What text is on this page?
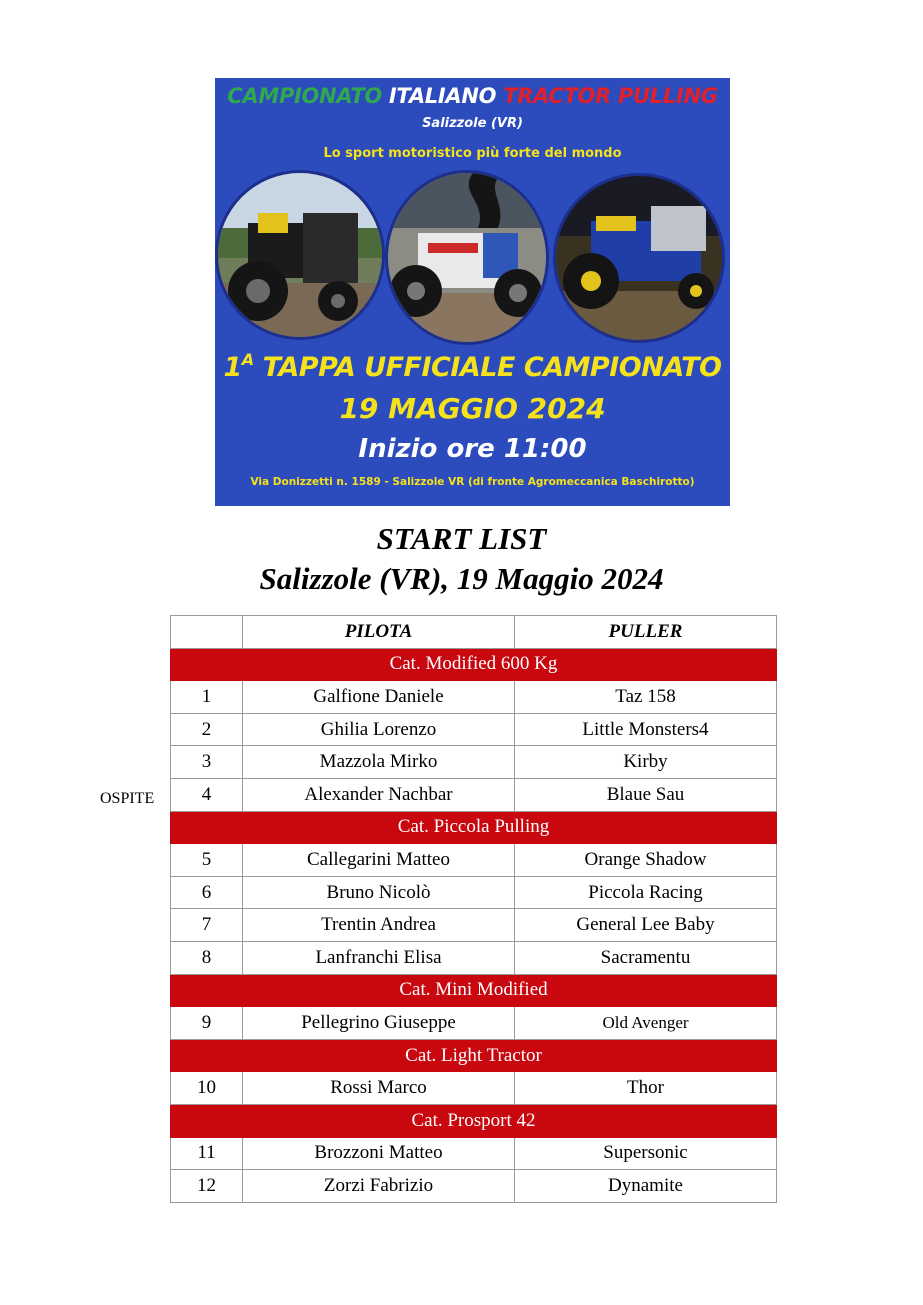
CAMPIONATO ITALIANO TRACTOR PULLING
Salizzole (VR)
Lo sport motoristico più forte del mondo
$1^A$ TAPPA UFFICIALE CAMPIONATO
19 MAGGIO 2024
Inizio ore 11:00
Via Donizzetti n. 1589 - Salizzole VR (di fronte Agromeccanica Baschirotto)
START LIST
Salizzole (VR), 19 Maggio 2024
OSPITE
	PILOTA	PULLER
Cat. Modified 600 Kg		
1	Galfione Daniele	Taz 158
2	Ghilia Lorenzo	Little Monsters4
3	Mazzola Mirko	Kirby
4	Alexander Nachbar	Blaue Sau
Cat. Piccola Pulling		
5	Callegarini Matteo	Orange Shadow
6	Bruno Nicolò	Piccola Racing
7	Trentin Andrea	General Lee Baby
8	Lanfranchi Elisa	Sacramentu
Cat. Mini Modified		
9	Pellegrino Giuseppe	Old Avenger
Cat. Light Tractor		
10	Rossi Marco	Thor
Cat. Prosport 42		
11	Brozzoni Matteo	Supersonic
12	Zorzi Fabrizio	Dynamite
